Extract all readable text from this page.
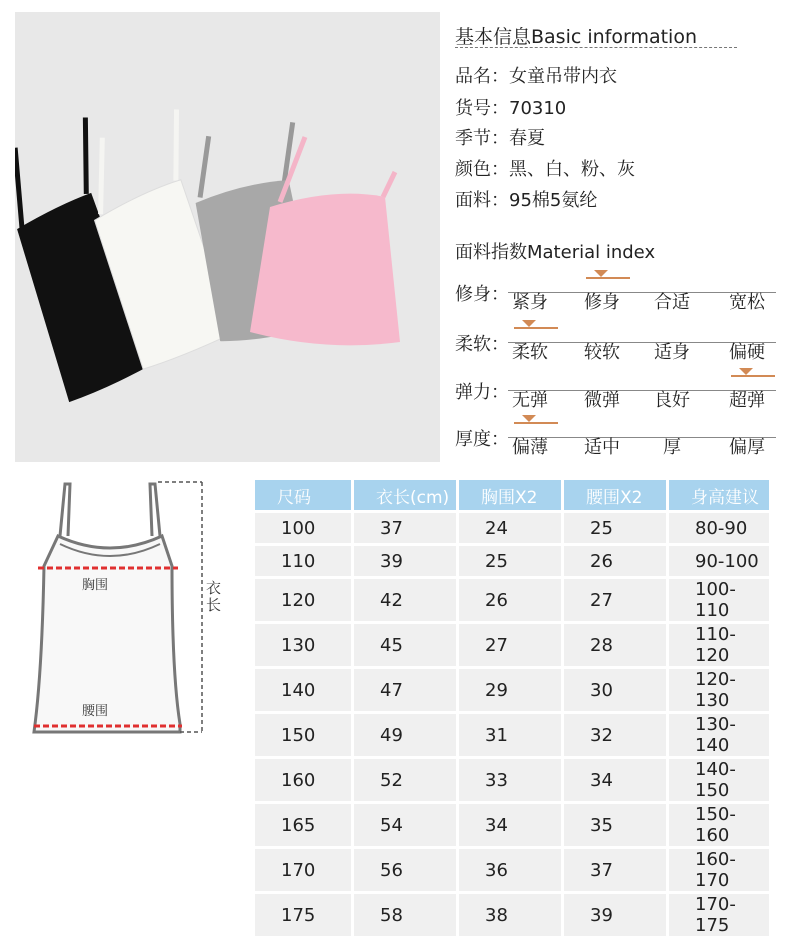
基本信息Basic information
品名：女童吊带内衣
货号：70310
季节：春夏
颜色：黑、白、粉、灰
面料：95棉5氨纶
面料指数Material index
修身： 紧身	修身	合适	宽松
柔软： 柔软	较软	适身	偏硬
弹力： 无弹	微弹	良好	超弹
厚度： 偏薄	适中	厚	偏厚
胸围
腰围
衣长
尺码	衣长(cm)	胸围X2	腰围X2	身高建议
100	37	24	25	80-90
110	39	25	26	90-100
120	42	26	27	100-110
130	45	27	28	110-120
140	47	29	30	120-130
150	49	31	32	130-140
160	52	33	34	140-150
165	54	34	35	150-160
170	56	36	37	160-170
175	58	38	39	170-175
